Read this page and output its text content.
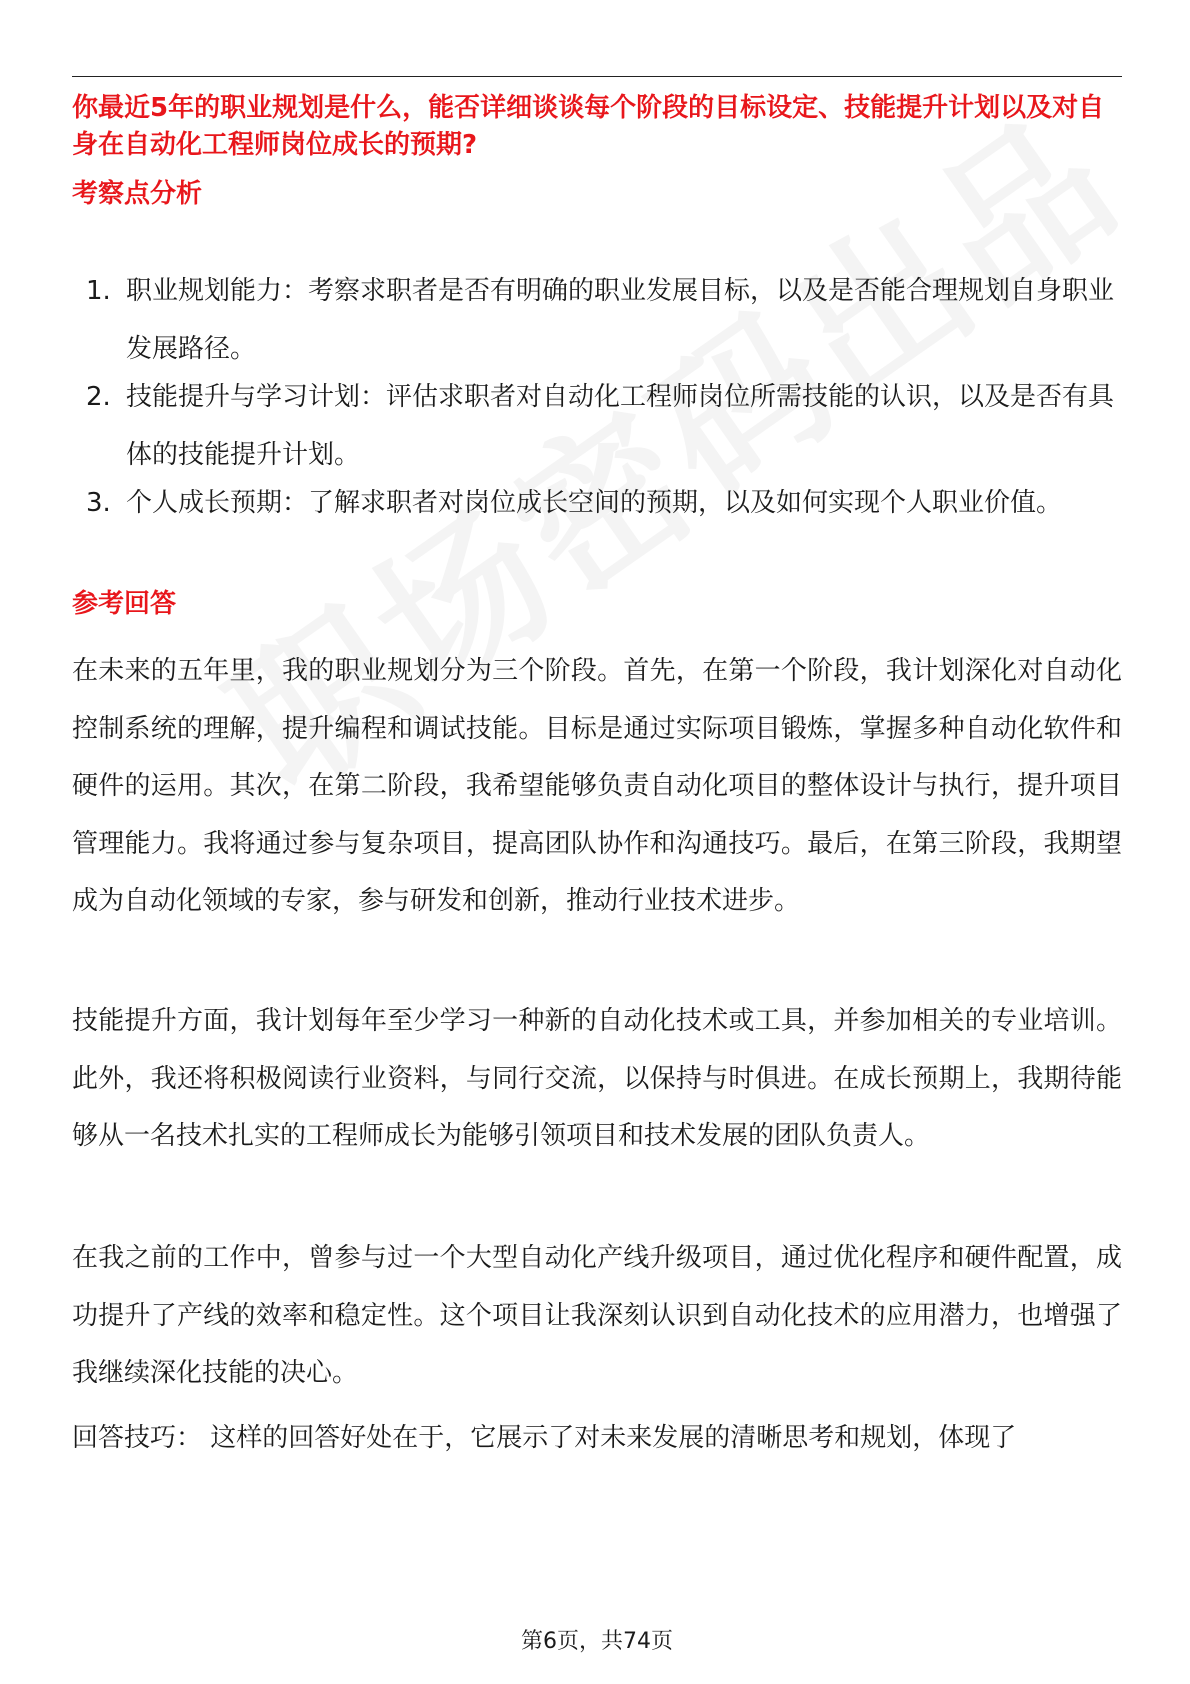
你最近5年的职业规划是什么，能否详细谈谈每个阶段的目标设定、技能提升计划以及对自身在自动化工程师岗位成长的预期?

考察点分析
1. 职业规划能力：考察求职者是否有明确的职业发展目标，以及是否能合理规划自身职业发展路径。
2. 技能提升与学习计划：评估求职者对自动化工程师岗位所需技能的认识，以及是否有具体的技能提升计划。
3. 个人成长预期：了解求职者对岗位成长空间的预期，以及如何实现个人职业价值。
参考回答

在未来的五年里，我的职业规划分为三个阶段。首先，在第一个阶段，我计划深化对自动化控制系统的理解，提升编程和调试技能。目标是通过实际项目锻炼，掌握多种自动化软件和硬件的运用。其次，在第二阶段，我希望能够负责自动化项目的整体设计与执行，提升项目管理能力。我将通过参与复杂项目，提高团队协作和沟通技巧。最后，在第三阶段，我期望成为自动化领域的专家，参与研发和创新，推动行业技术进步。

技能提升方面，我计划每年至少学习一种新的自动化技术或工具，并参加相关的专业培训。此外，我还将积极阅读行业资料，与同行交流，以保持与时俱进。在成长预期上，我期待能够从一名技术扎实的工程师成长为能够引领项目和技术发展的团队负责人。

在我之前的工作中，曾参与过一个大型自动化产线升级项目，通过优化程序和硬件配置，成功提升了产线的效率和稳定性。这个项目让我深刻认识到自动化技术的应用潜力，也增强了我继续深化技能的决心。

回答技巧： 这样的回答好处在于，它展示了对未来发展的清晰思考和规划，体现了

第6页，共74页
